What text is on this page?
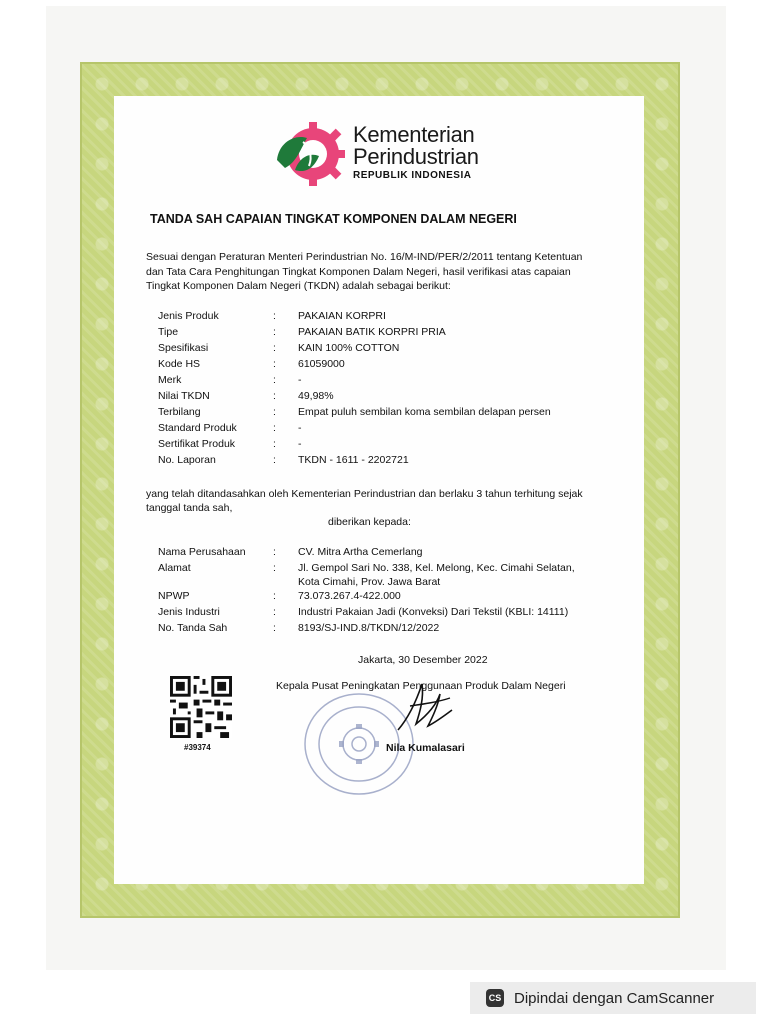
Kementerian
Perindustrian
REPUBLIK INDONESIA
TANDA SAH CAPAIAN TINGKAT KOMPONEN DALAM NEGERI
Sesuai dengan Peraturan Menteri Perindustrian No. 16/M-IND/PER/2/2011 tentang Ketentuan dan Tata Cara Penghitungan Tingkat Komponen Dalam Negeri, hasil verifikasi atas capaian Tingkat Komponen Dalam Negeri (TKDN) adalah sebagai berikut:
Jenis Produk	: PAKAIAN KORPRI
Tipe	: PAKAIAN BATIK KORPRI PRIA
Spesifikasi	: KAIN 100% COTTON
Kode HS	: 61059000
Merk	: -
Nilai TKDN	: 49,98%
Terbilang	: Empat puluh sembilan koma sembilan delapan persen
Standard Produk	: -
Sertifikat Produk	: -
No. Laporan	: TKDN - 1611 - 2202721
yang telah ditandasahkan oleh Kementerian Perindustrian dan berlaku 3 tahun terhitung sejak tanggal tanda sah,
diberikan kepada:
Nama Perusahaan	: CV. Mitra Artha Cemerlang
Alamat	: Jl. Gempol Sari No. 338, Kel. Melong, Kec. Cimahi Selatan,
Kota Cimahi, Prov. Jawa Barat
NPWP	: 73.073.267.4-422.000
Jenis Industri	: Industri Pakaian Jadi (Konveksi) Dari Tekstil (KBLI: 14111)
No. Tanda Sah	: 8193/SJ-IND.8/TKDN/12/2022
Jakarta, 30 Desember 2022
Kepala Pusat Peningkatan Penggunaan Produk Dalam Negeri
#39374	Nila Kumalasari
CS Dipindai dengan CamScanner
